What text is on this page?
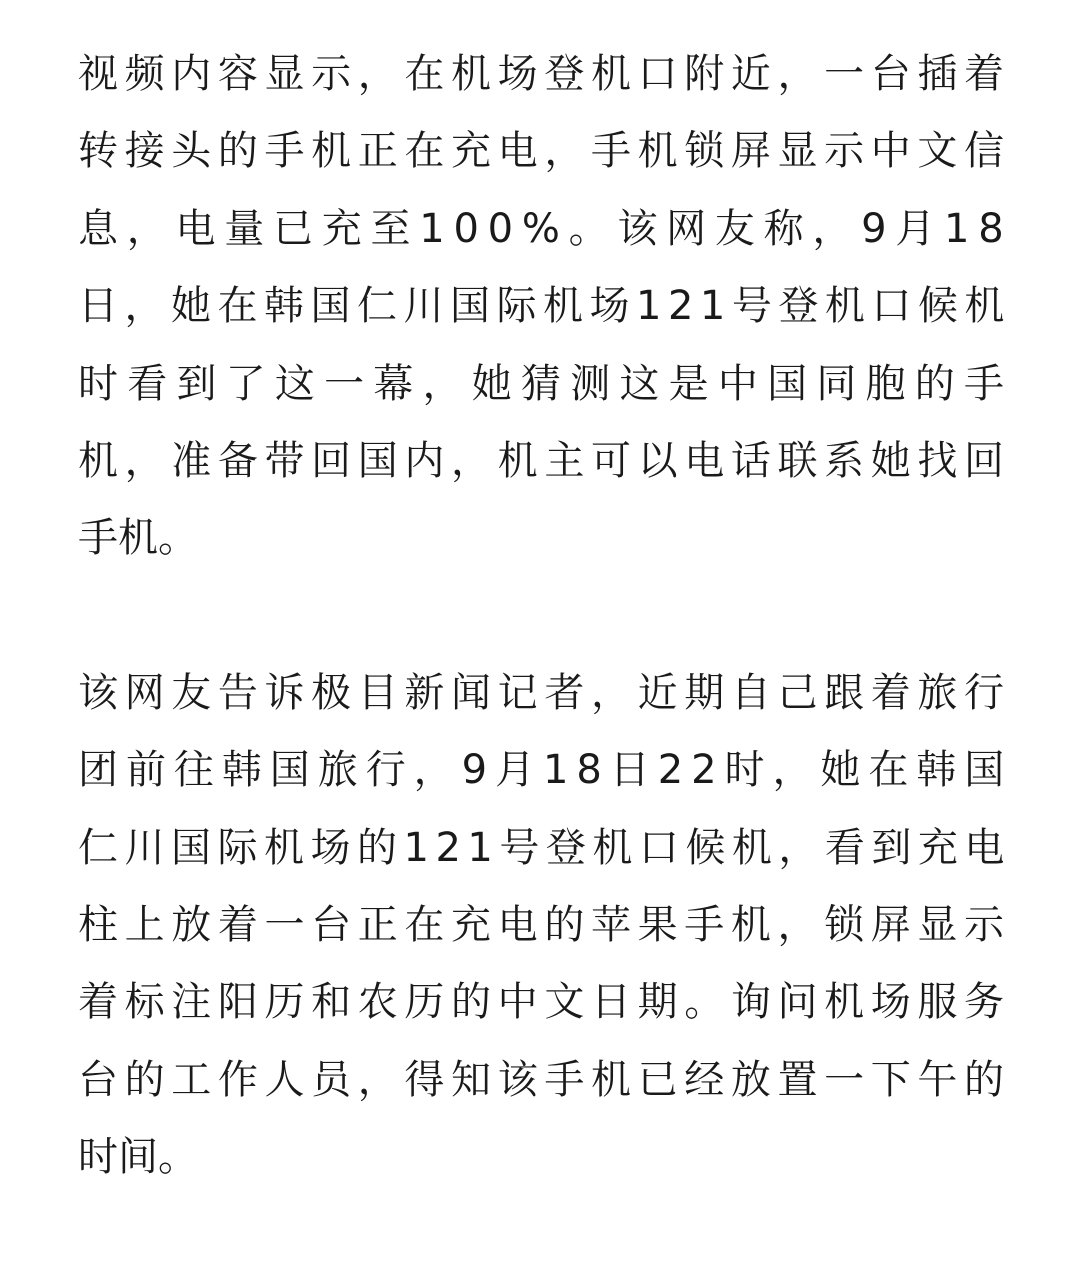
视频内容显示，在机场登机口附近，一台插着
转接头的手机正在充电，手机锁屏显示中文信
息，电量已充至100%。该网友称，9月18
日，她在韩国仁川国际机场121号登机口候机
时看到了这一幕，她猜测这是中国同胞的手
机，准备带回国内，机主可以电话联系她找回
手机。

该网友告诉极目新闻记者，近期自己跟着旅行
团前往韩国旅行，9月18日22时，她在韩国
仁川国际机场的121号登机口候机，看到充电
柱上放着一台正在充电的苹果手机，锁屏显示
着标注阳历和农历的中文日期。询问机场服务
台的工作人员，得知该手机已经放置一下午的
时间。
